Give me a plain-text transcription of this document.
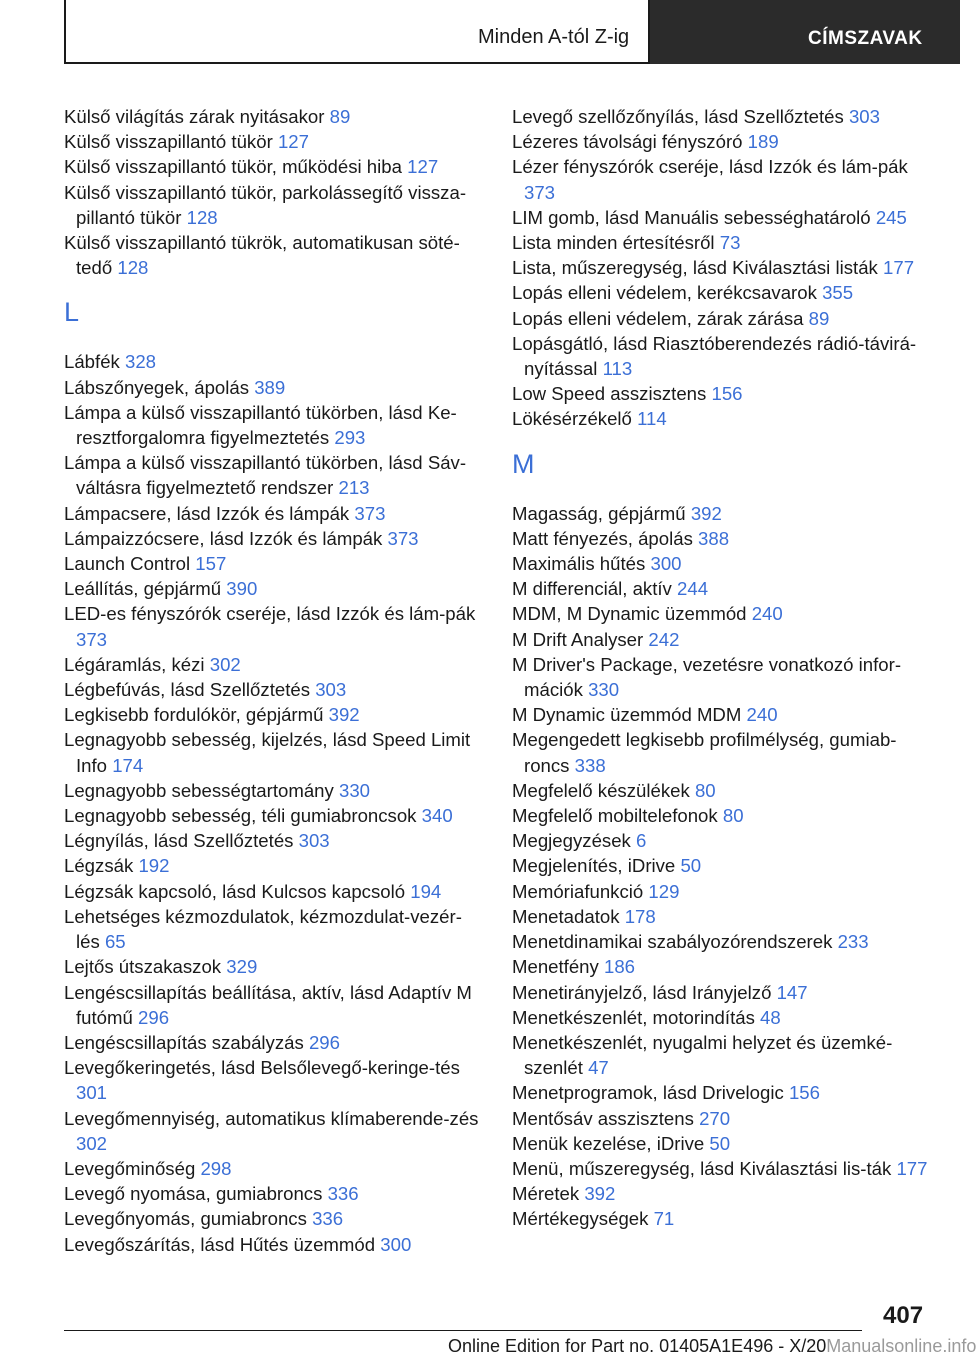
Minden A-tól Z-ig	CÍMSZAVAK
Külső világítás zárak nyitásakor 89
Külső visszapillantó tükör 127
Külső visszapillantó tükör, működési hiba 127
Külső visszapillantó tükör, parkolássegítő vissza‐pillantó tükör 128
Külső visszapillantó tükrök, automatikusan söté‐tedő 128
L
Lábfék 328
Lábszőnyegek, ápolás 389
Lámpa a külső visszapillantó tükörben, lásd Ke‐resztforgalomra figyelmeztetés 293
Lámpa a külső visszapillantó tükörben, lásd Sáv‐váltásra figyelmeztető rendszer 213
Lámpacsere, lásd Izzók és lámpák 373
Lámpaizzócsere, lásd Izzók és lámpák 373
Launch Control 157
Leállítás, gépjármű 390
LED-es fényszórók cseréje, lásd Izzók és lám‐pák 373
Légáramlás, kézi 302
Légbefúvás, lásd Szellőztetés 303
Legkisebb fordulókör, gépjármű 392
Legnagyobb sebesség, kijelzés, lásd Speed Limit Info 174
Legnagyobb sebességtartomány 330
Legnagyobb sebesség, téli gumiabroncsok 340
Légnyílás, lásd Szellőztetés 303
Légzsák 192
Légzsák kapcsoló, lásd Kulcsos kapcsoló 194
Lehetséges kézmozdulatok, kézmozdulat-vezér‐lés 65
Lejtős útszakaszok 329
Lengéscsillapítás beállítása, aktív, lásd Adaptív M futómű 296
Lengéscsillapítás szabályzás 296
Levegőkeringetés, lásd Belsőlevegő-keringe‐tés 301
Levegőmennyiség, automatikus klímaberende‐zés 302
Levegőminőség 298
Levegő nyomása, gumiabroncs 336
Levegőnyomás, gumiabroncs 336
Levegőszárítás, lásd Hűtés üzemmód 300
Levegő szellőzőnyílás, lásd Szellőztetés 303
Lézeres távolsági fényszóró 189
Lézer fényszórók cseréje, lásd Izzók és lám‐pák 373
LIM gomb, lásd Manuális sebességhatároló 245
Lista minden értesítésről 73
Lista, műszeregység, lásd Kiválasztási listák 177
Lopás elleni védelem, kerékcsavarok 355
Lopás elleni védelem, zárak zárása 89
Lopásgátló, lásd Riasztóberendezés rádió-távirá‐nyítással 113
Low Speed asszisztens 156
Lökésérzékelő 114
M
Magasság, gépjármű 392
Matt fényezés, ápolás 388
Maximális hűtés 300
M differenciál, aktív 244
MDM, M Dynamic üzemmód 240
M Drift Analyser 242
M Driver's Package, vezetésre vonatkozó infor‐mációk 330
M Dynamic üzemmód MDM 240
Megengedett legkisebb profilmélység, gumiab‐roncs 338
Megfelelő készülékek 80
Megfelelő mobiltelefonok 80
Megjegyzések 6
Megjelenítés, iDrive 50
Memóriafunkció 129
Menetadatok 178
Menetdinamikai szabályozórendszerek 233
Menetfény 186
Menetirányjelző, lásd Irányjelző 147
Menetkészenlét, motorindítás 48
Menetkészenlét, nyugalmi helyzet és üzemké‐szenlét 47
Menetprogramok, lásd Drivelogic 156
Mentősáv asszisztens 270
Menük kezelése, iDrive 50
Menü, műszeregység, lásd Kiválasztási lis‐ták 177
Méretek 392
Mértékegységek 71
407
Online Edition for Part no. 01405A1E496 - X/20Manualsonline.info
